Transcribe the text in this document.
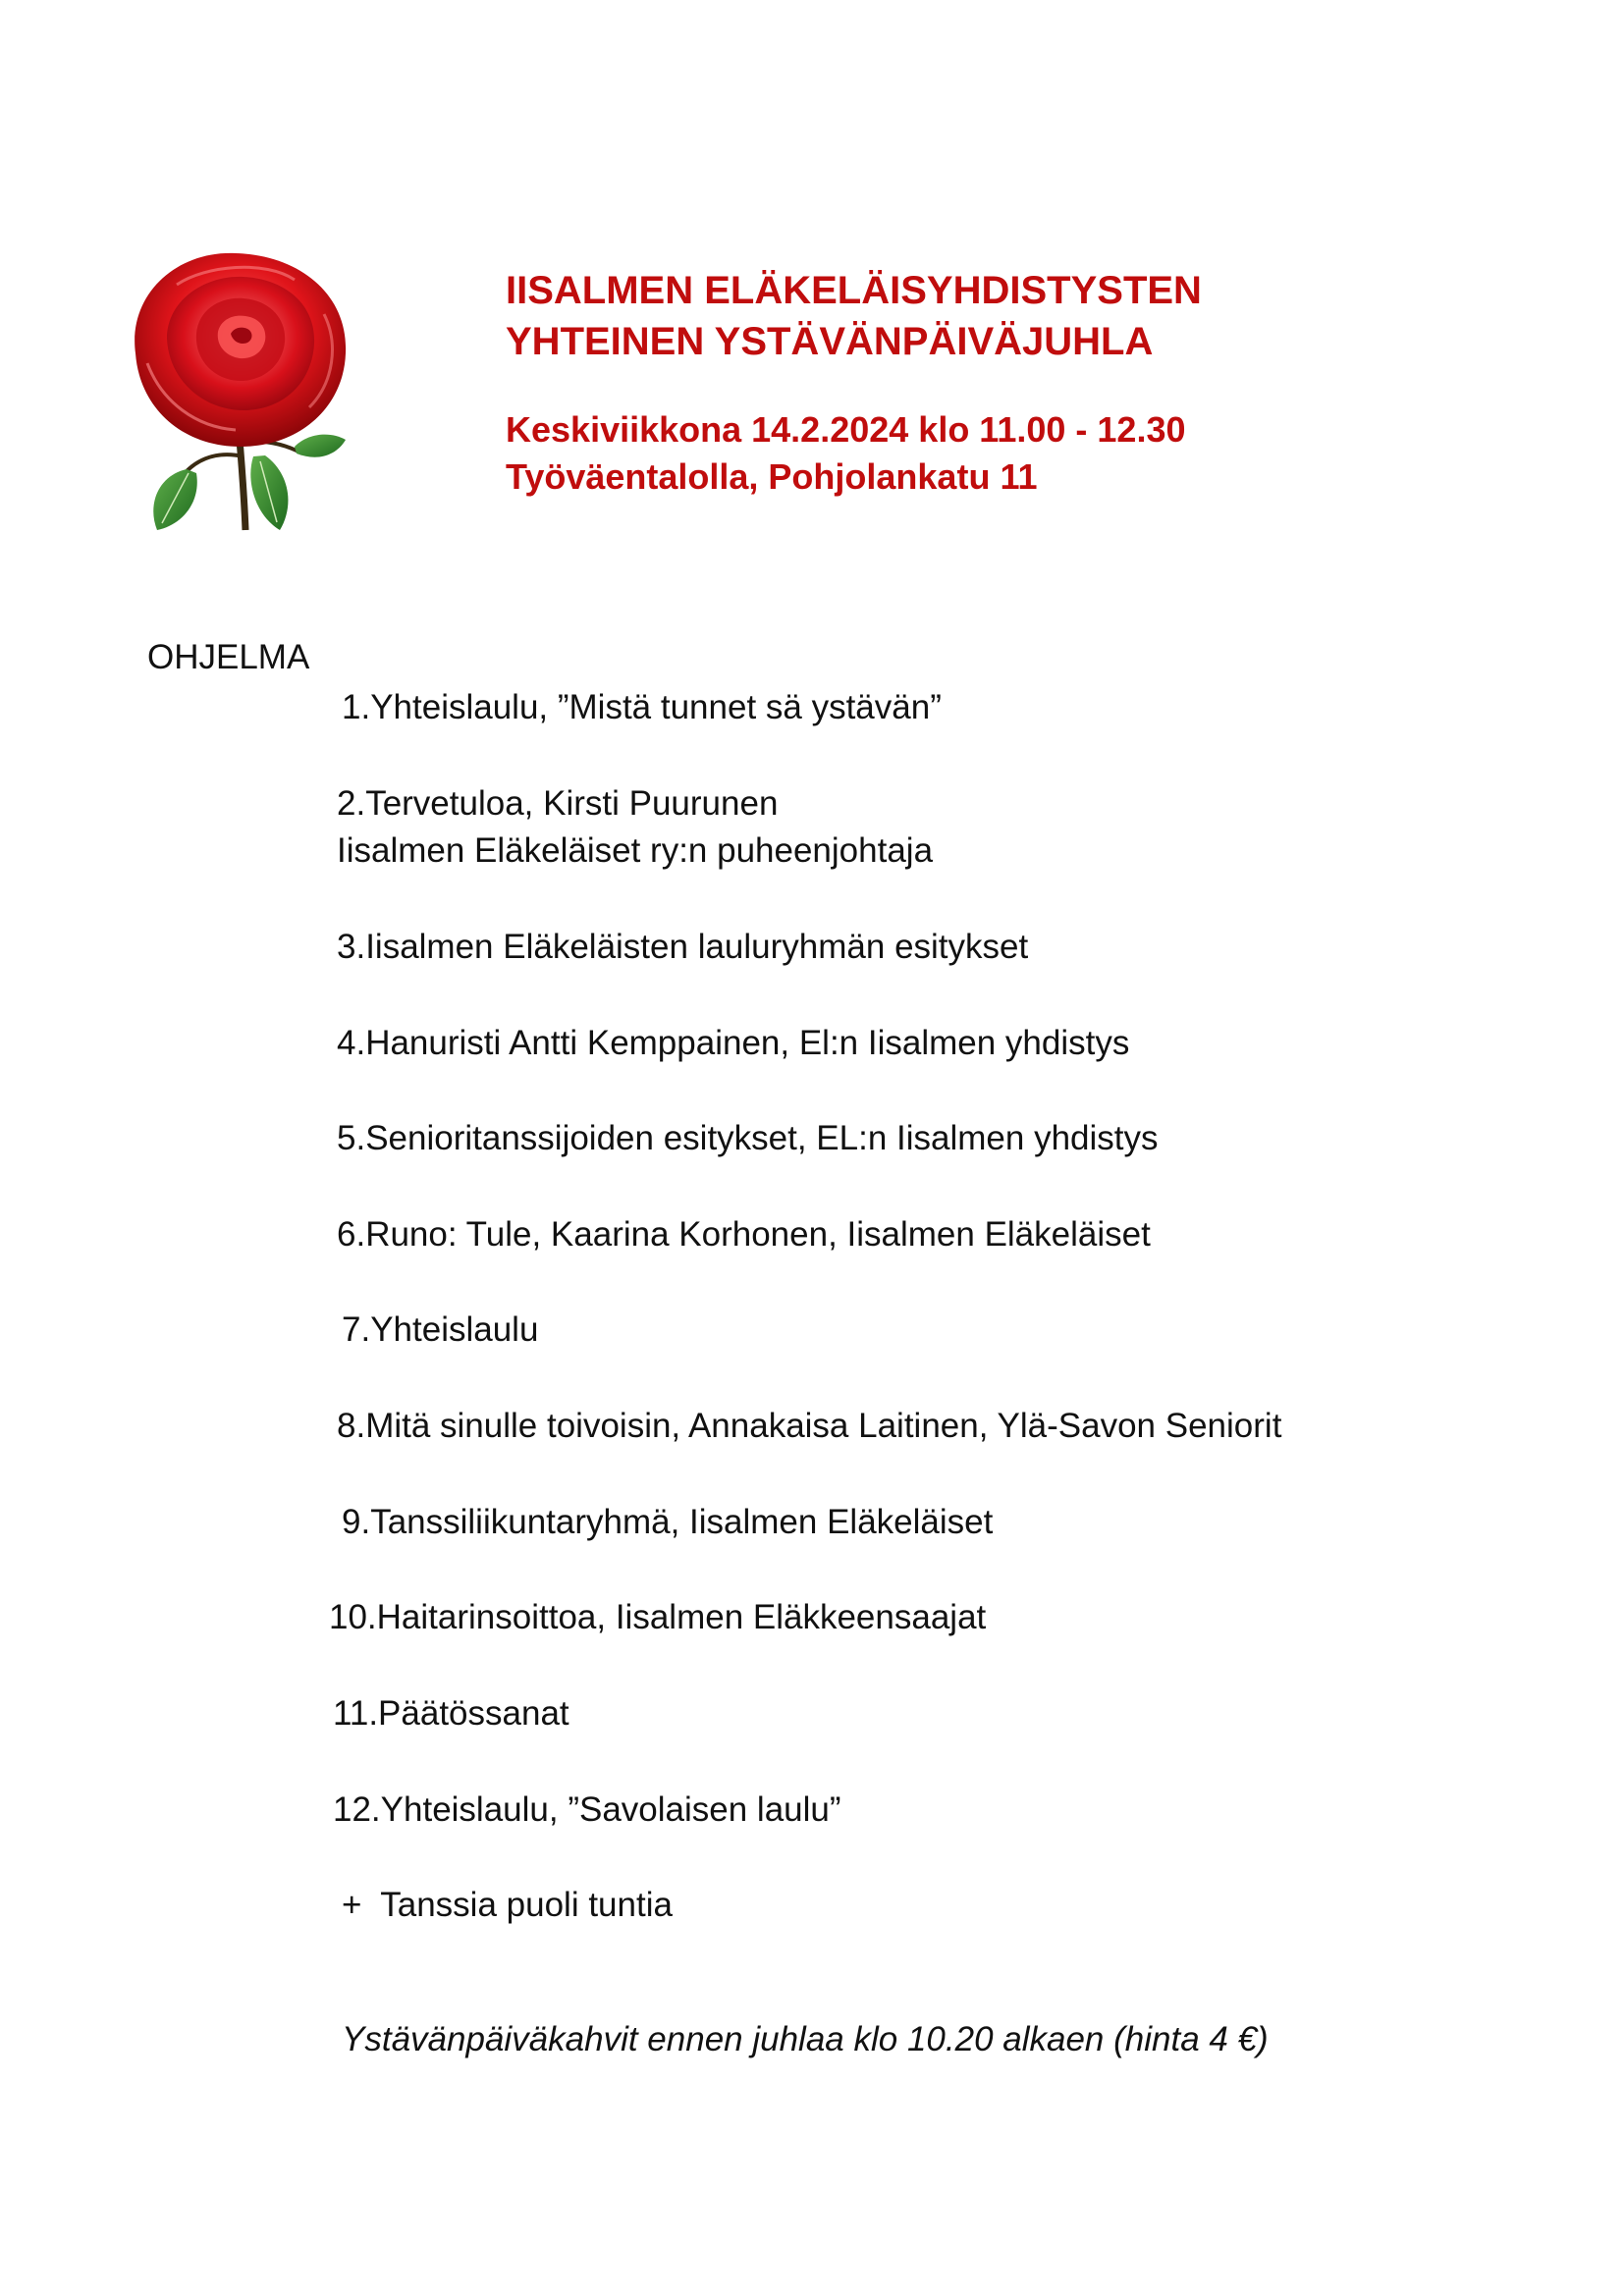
IISALMEN ELÄKELÄISYHDISTYSTEN

YHTEINEN YSTÄVÄNPÄIVÄJUHLA

Keskiviikkona 14.2.2024 klo 11.00 - 12.30

Työväentalolla, Pohjolankatu 11

OHJELMA

1.Yhteislaulu, ”Mistä tunnet sä ystävän”

2.Tervetuloa, Kirsti Puurunen

Iisalmen Eläkeläiset ry:n puheenjohtaja

3.Iisalmen Eläkeläisten lauluryhmän esitykset

4.Hanuristi Antti Kemppainen, El:n Iisalmen yhdistys

5.Senioritanssijoiden esitykset, EL:n Iisalmen yhdistys

6.Runo: Tule, Kaarina Korhonen, Iisalmen Eläkeläiset

7.Yhteislaulu

8.Mitä sinulle toivoisin, Annakaisa Laitinen, Ylä-Savon Seniorit

9.Tanssiliikuntaryhmä, Iisalmen Eläkeläiset

10.Haitarinsoittoa, Iisalmen Eläkkeensaajat

11.Päätössanat

12.Yhteislaulu, ”Savolaisen laulu”

+  Tanssia puoli tuntia

Ystävänpäiväkahvit ennen juhlaa klo 10.20 alkaen (hinta 4 €)
